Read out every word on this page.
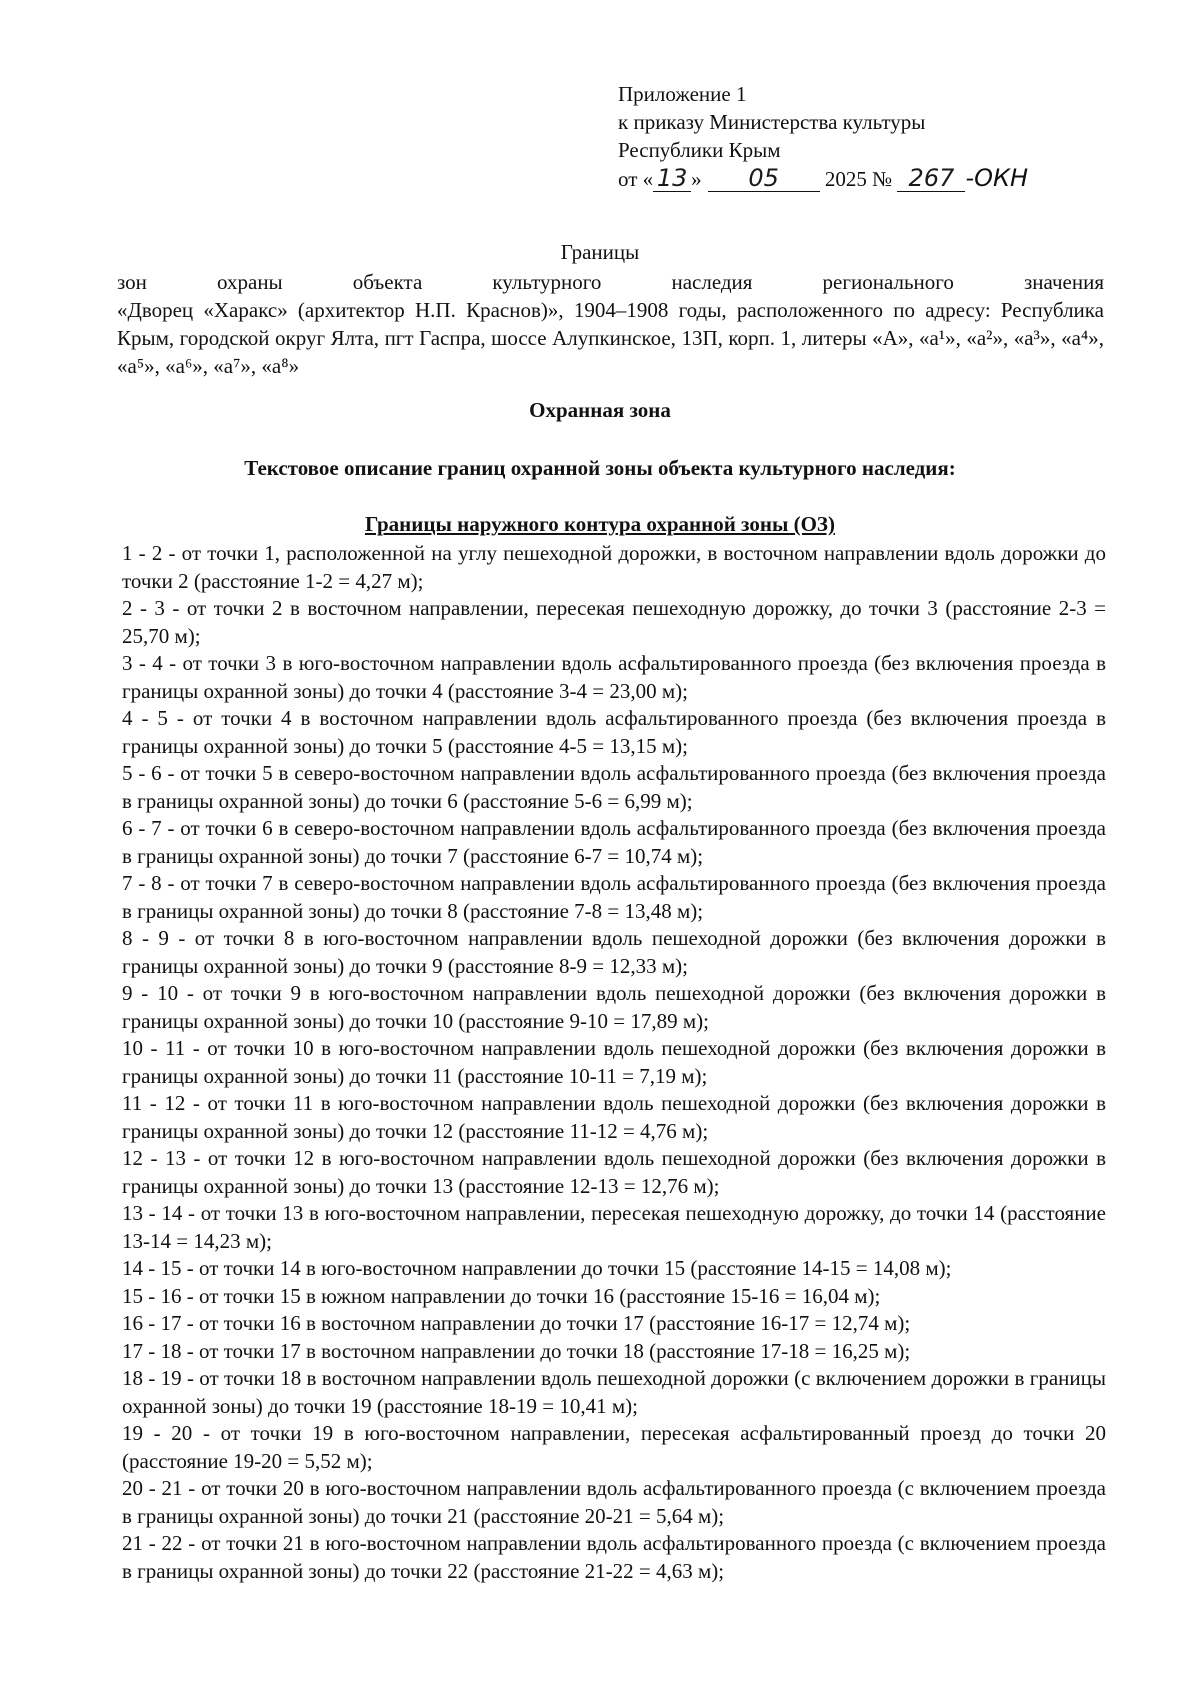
Приложение 1
к приказу Министерства культуры
Республики Крым
от « 13 » 05 2025 № 267 -ОКН
Границы
зон охраны объекта культурного наследия регионального значения
«Дворец «Харакс» (архитектор Н.П. Краснов)», 1904–1908 годы, расположенного по адресу: Республика Крым, городской округ Ялта, пгт Гаспра, шоссе Алупкинское, 13П, корп. 1, литеры «А», «а¹», «а²», «а³», «а⁴», «а⁵», «а⁶», «а⁷», «а⁸»
Охранная зона
Текстовое описание границ охранной зоны объекта культурного наследия:
Границы наружного контура охранной зоны (ОЗ)

1 - 2 - от точки 1, расположенной на углу пешеходной дорожки, в восточном направлении вдоль дорожки до точки 2 (расстояние 1-2 = 4,27 м);

2 - 3 - от точки 2 в восточном направлении, пересекая пешеходную дорожку, до точки 3 (расстояние 2-3 = 25,70 м);

3 - 4 - от точки 3 в юго-восточном направлении вдоль асфальтированного проезда (без включения проезда в границы охранной зоны) до точки 4 (расстояние 3-4 = 23,00 м);

4 - 5 - от точки 4 в восточном направлении вдоль асфальтированного проезда (без включения проезда в границы охранной зоны) до точки 5 (расстояние 4-5 = 13,15 м);

5 - 6 - от точки 5 в северо-восточном направлении вдоль асфальтированного проезда (без включения проезда в границы охранной зоны) до точки 6 (расстояние 5-6 = 6,99 м);

6 - 7 - от точки 6 в северо-восточном направлении вдоль асфальтированного проезда (без включения проезда в границы охранной зоны) до точки 7 (расстояние 6-7 = 10,74 м);

7 - 8 - от точки 7 в северо-восточном направлении вдоль асфальтированного проезда (без включения проезда в границы охранной зоны) до точки 8 (расстояние 7-8 = 13,48 м);

8 - 9 - от точки 8 в юго-восточном направлении вдоль пешеходной дорожки (без включения дорожки в границы охранной зоны) до точки 9 (расстояние 8-9 = 12,33 м);

9 - 10 - от точки 9 в юго-восточном направлении вдоль пешеходной дорожки (без включения дорожки в границы охранной зоны) до точки 10 (расстояние 9-10 = 17,89 м);

10 - 11 - от точки 10 в юго-восточном направлении вдоль пешеходной дорожки (без включения дорожки в границы охранной зоны) до точки 11 (расстояние 10-11 = 7,19 м);

11 - 12 - от точки 11 в юго-восточном направлении вдоль пешеходной дорожки (без включения дорожки в границы охранной зоны) до точки 12 (расстояние 11-12 = 4,76 м);

12 - 13 - от точки 12 в юго-восточном направлении вдоль пешеходной дорожки (без включения дорожки в границы охранной зоны) до точки 13 (расстояние 12-13 = 12,76 м);

13 - 14 - от точки 13 в юго-восточном направлении, пересекая пешеходную дорожку, до точки 14 (расстояние 13-14 = 14,23 м);

14 - 15 - от точки 14 в юго-восточном направлении до точки 15 (расстояние 14-15 = 14,08 м);

15 - 16 - от точки 15 в южном направлении до точки 16 (расстояние 15-16 = 16,04 м);

16 - 17 - от точки 16 в восточном направлении до точки 17 (расстояние 16-17 = 12,74 м);

17 - 18 - от точки 17 в восточном направлении до точки 18 (расстояние 17-18 = 16,25 м);

18 - 19 - от точки 18 в восточном направлении вдоль пешеходной дорожки (с включением дорожки в границы охранной зоны) до точки 19 (расстояние 18-19 = 10,41 м);

19 - 20 - от точки 19 в юго-восточном направлении, пересекая асфальтированный проезд до точки 20 (расстояние 19-20 = 5,52 м);

20 - 21 - от точки 20 в юго-восточном направлении вдоль асфальтированного проезда (с включением проезда в границы охранной зоны) до точки 21 (расстояние 20-21 = 5,64 м);

21 - 22 - от точки 21 в юго-восточном направлении вдоль асфальтированного проезда (с включением проезда в границы охранной зоны) до точки 22 (расстояние 21-22 = 4,63 м);
